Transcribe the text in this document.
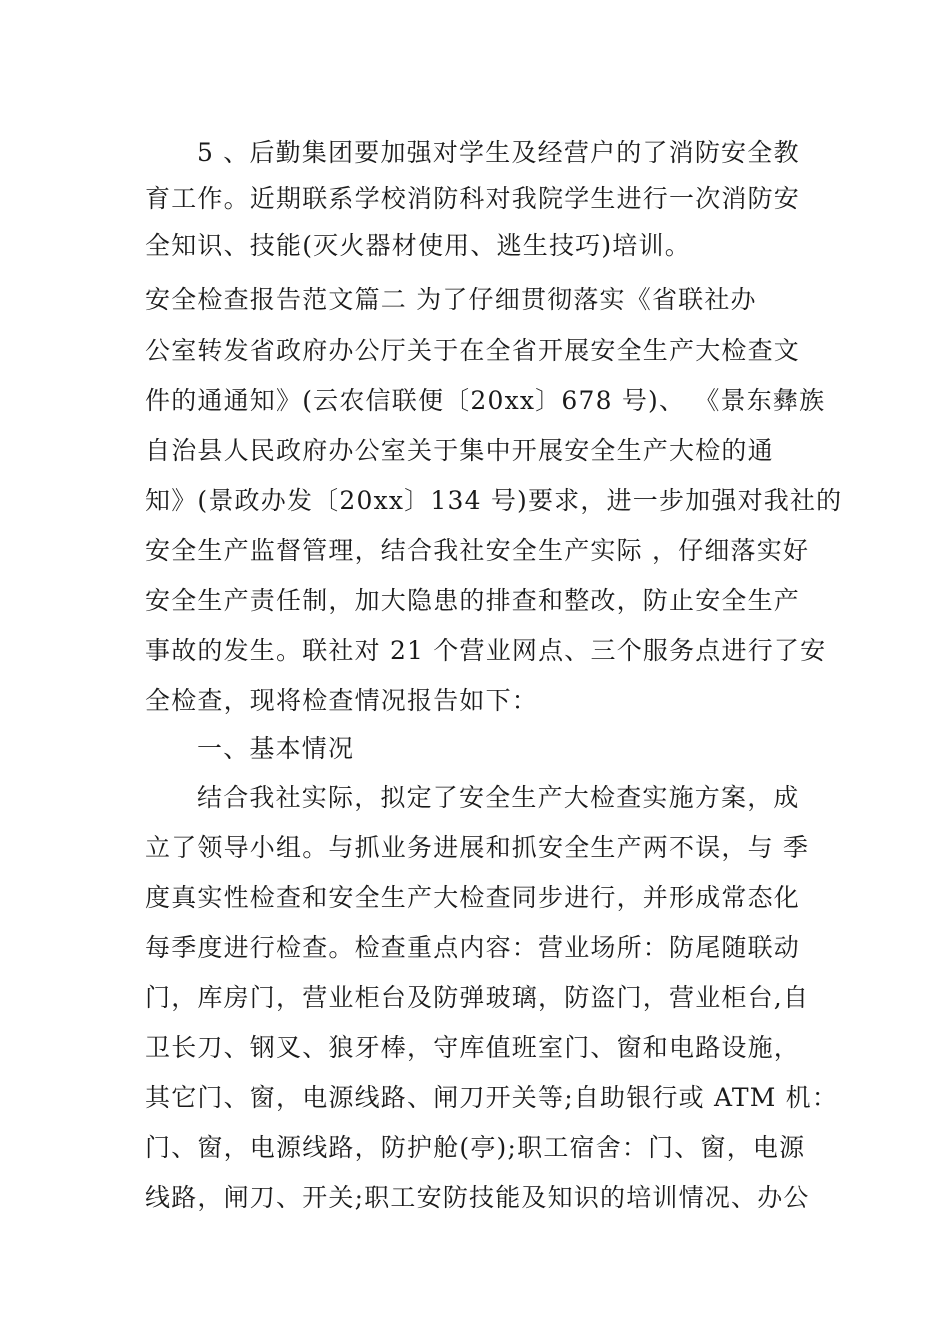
5 、后勤集团要加强对学生及经营户的了消防安全教

育工作。近期联系学校消防科对我院学生进行一次消防安

全知识、技能(灭火器材使用、逃生技巧)培训。

安全检查报告范文篇二 为了仔细贯彻落实《省联社办

公室转发省政府办公厅关于在全省开展安全生产大检查文

件的通通知》(云农信联便〔20xx〕678 号)、 《景东彝族

自治县人民政府办公室关于集中开展安全生产大检的通

知》(景政办发〔20xx〕134 号)要求，进一步加强对我社的

安全生产监督管理，结合我社安全生产实际 ，仔细落实好

安全生产责任制，加大隐患的排查和整改，防止安全生产

事故的发生。联社对 21 个营业网点、三个服务点进行了安

全检查，现将检查情况报告如下：

一、基本情况

结合我社实际，拟定了安全生产大检查实施方案，成

立了领导小组。与抓业务进展和抓安全生产两不误，与 季

度真实性检查和安全生产大检查同步进行，并形成常态化

每季度进行检查。检查重点内容：营业场所：防尾随联动

门，库房门，营业柜台及防弹玻璃，防盗门，营业柜台,自

卫长刀、钢叉、狼牙棒，守库值班室门、窗和电路设施，

其它门、窗，电源线路、闸刀开关等;自助银行或 ATM 机：

门、窗，电源线路，防护舱(亭);职工宿舍：门、窗，电源

线路，闸刀、开关;职工安防技能及知识的培训情况、办公
